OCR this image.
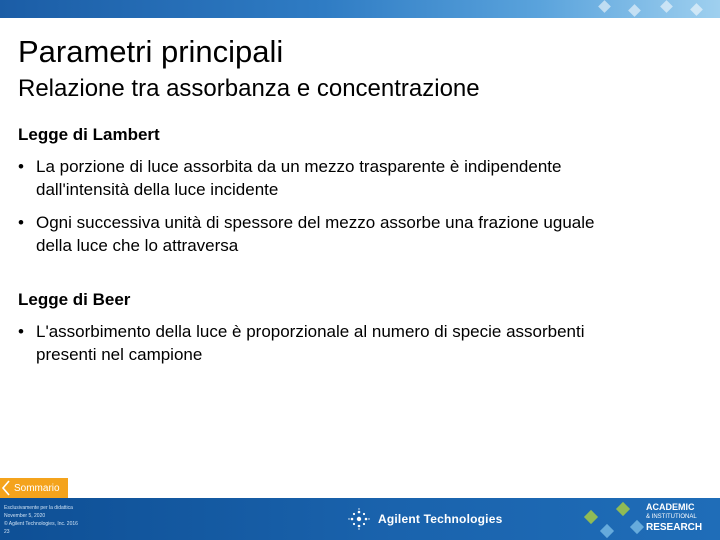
Parametri principali
Relazione tra assorbanza e concentrazione
Legge di Lambert
• La porzione di luce assorbita da un mezzo trasparente è indipendente
dall'intensità della luce incidente
• Ogni successiva unità di spessore del mezzo assorbe una frazione uguale
della luce che lo attraversa
Legge di Beer
• L'assorbimento della luce è proporzionale al numero di specie assorbenti
presenti nel campione
Sommario
Esclusivamente per la didattica
November 5, 2020
© Agilent Technologies, Inc. 2016
23
Agilent Technologies
ACADEMIC
& INSTITUTIONAL
RESEARCH
